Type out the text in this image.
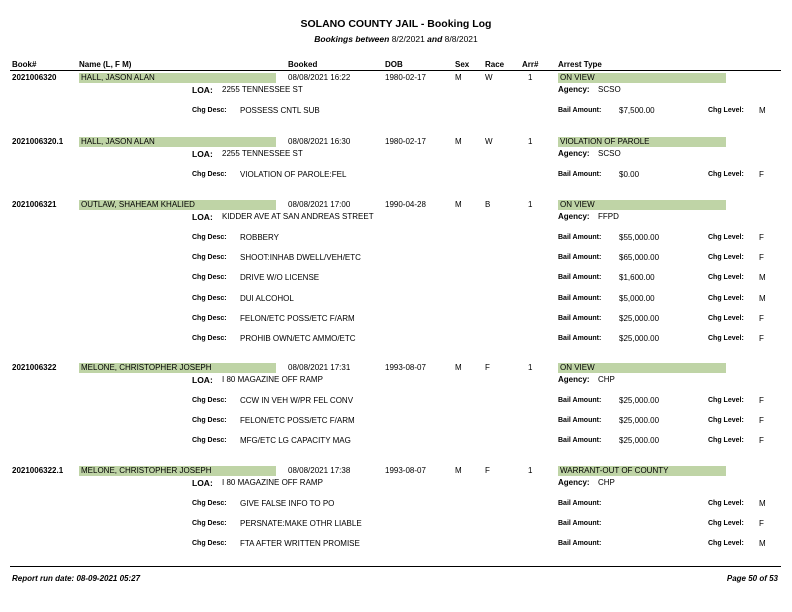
SOLANO COUNTY JAIL - Booking Log
Bookings between 8/2/2021 and 8/8/2021
Book#	Name (L, F M)	Booked	DOB	Sex Race Arr# Arrest Type
2021006320	HALL, JASON ALAN	08/08/2021 16:22	1980-02-17	M	W	1	ON VIEW
LOA: 2255 TENNESSEE ST	Agency: SCSO
Chg Desc: POSSESS CNTL SUB	Bail Amount: $7,500.00	Chg Level: M
2021006320.1 HALL, JASON ALAN	08/08/2021 16:30	1980-02-17	M	W	1	VIOLATION OF PAROLE
LOA: 2255 TENNESSEE ST	Agency: SCSO
Chg Desc: VIOLATION OF PAROLE:FEL	Bail Amount: $0.00	Chg Level: F
2021006321	OUTLAW, SHAHEAM KHALIED	08/08/2021 17:00	1990-04-28	M	B	1	ON VIEW
LOA: KIDDER AVE AT SAN ANDREAS STREET	Agency: FFPD
Chg Desc: ROBBERY	Bail Amount: $55,000.00	Chg Level: F
Chg Desc: SHOOT:INHAB DWELL/VEH/ETC	Bail Amount: $65,000.00	Chg Level: F
Chg Desc: DRIVE W/O LICENSE	Bail Amount: $1,600.00	Chg Level: M
Chg Desc: DUI ALCOHOL	Bail Amount: $5,000.00	Chg Level: M
Chg Desc: FELON/ETC POSS/ETC F/ARM	Bail Amount: $25,000.00	Chg Level: F
Chg Desc: PROHIB OWN/ETC AMMO/ETC	Bail Amount: $25,000.00	Chg Level: F
2021006322	MELONE, CHRISTOPHER JOSEPH	08/08/2021 17:31	1993-08-07	M	F	1	ON VIEW
LOA: I 80 MAGAZINE OFF RAMP	Agency: CHP
Chg Desc: CCW IN VEH W/PR FEL CONV	Bail Amount: $25,000.00	Chg Level: F
Chg Desc: FELON/ETC POSS/ETC F/ARM	Bail Amount: $25,000.00	Chg Level: F
Chg Desc: MFG/ETC LG CAPACITY MAG	Bail Amount: $25,000.00	Chg Level: F
2021006322.1 MELONE, CHRISTOPHER JOSEPH	08/08/2021 17:38	1993-08-07	M	F	1	WARRANT-OUT OF COUNTY
LOA: I 80 MAGAZINE OFF RAMP	Agency: CHP
Chg Desc: GIVE FALSE INFO TO PO	Bail Amount:	Chg Level: M
Chg Desc: PERSNATE:MAKE OTHR LIABLE	Bail Amount:	Chg Level: F
Chg Desc: FTA AFTER WRITTEN PROMISE	Bail Amount:	Chg Level: M
Report run date: 08-09-2021 05:27	Page 50 of 53
